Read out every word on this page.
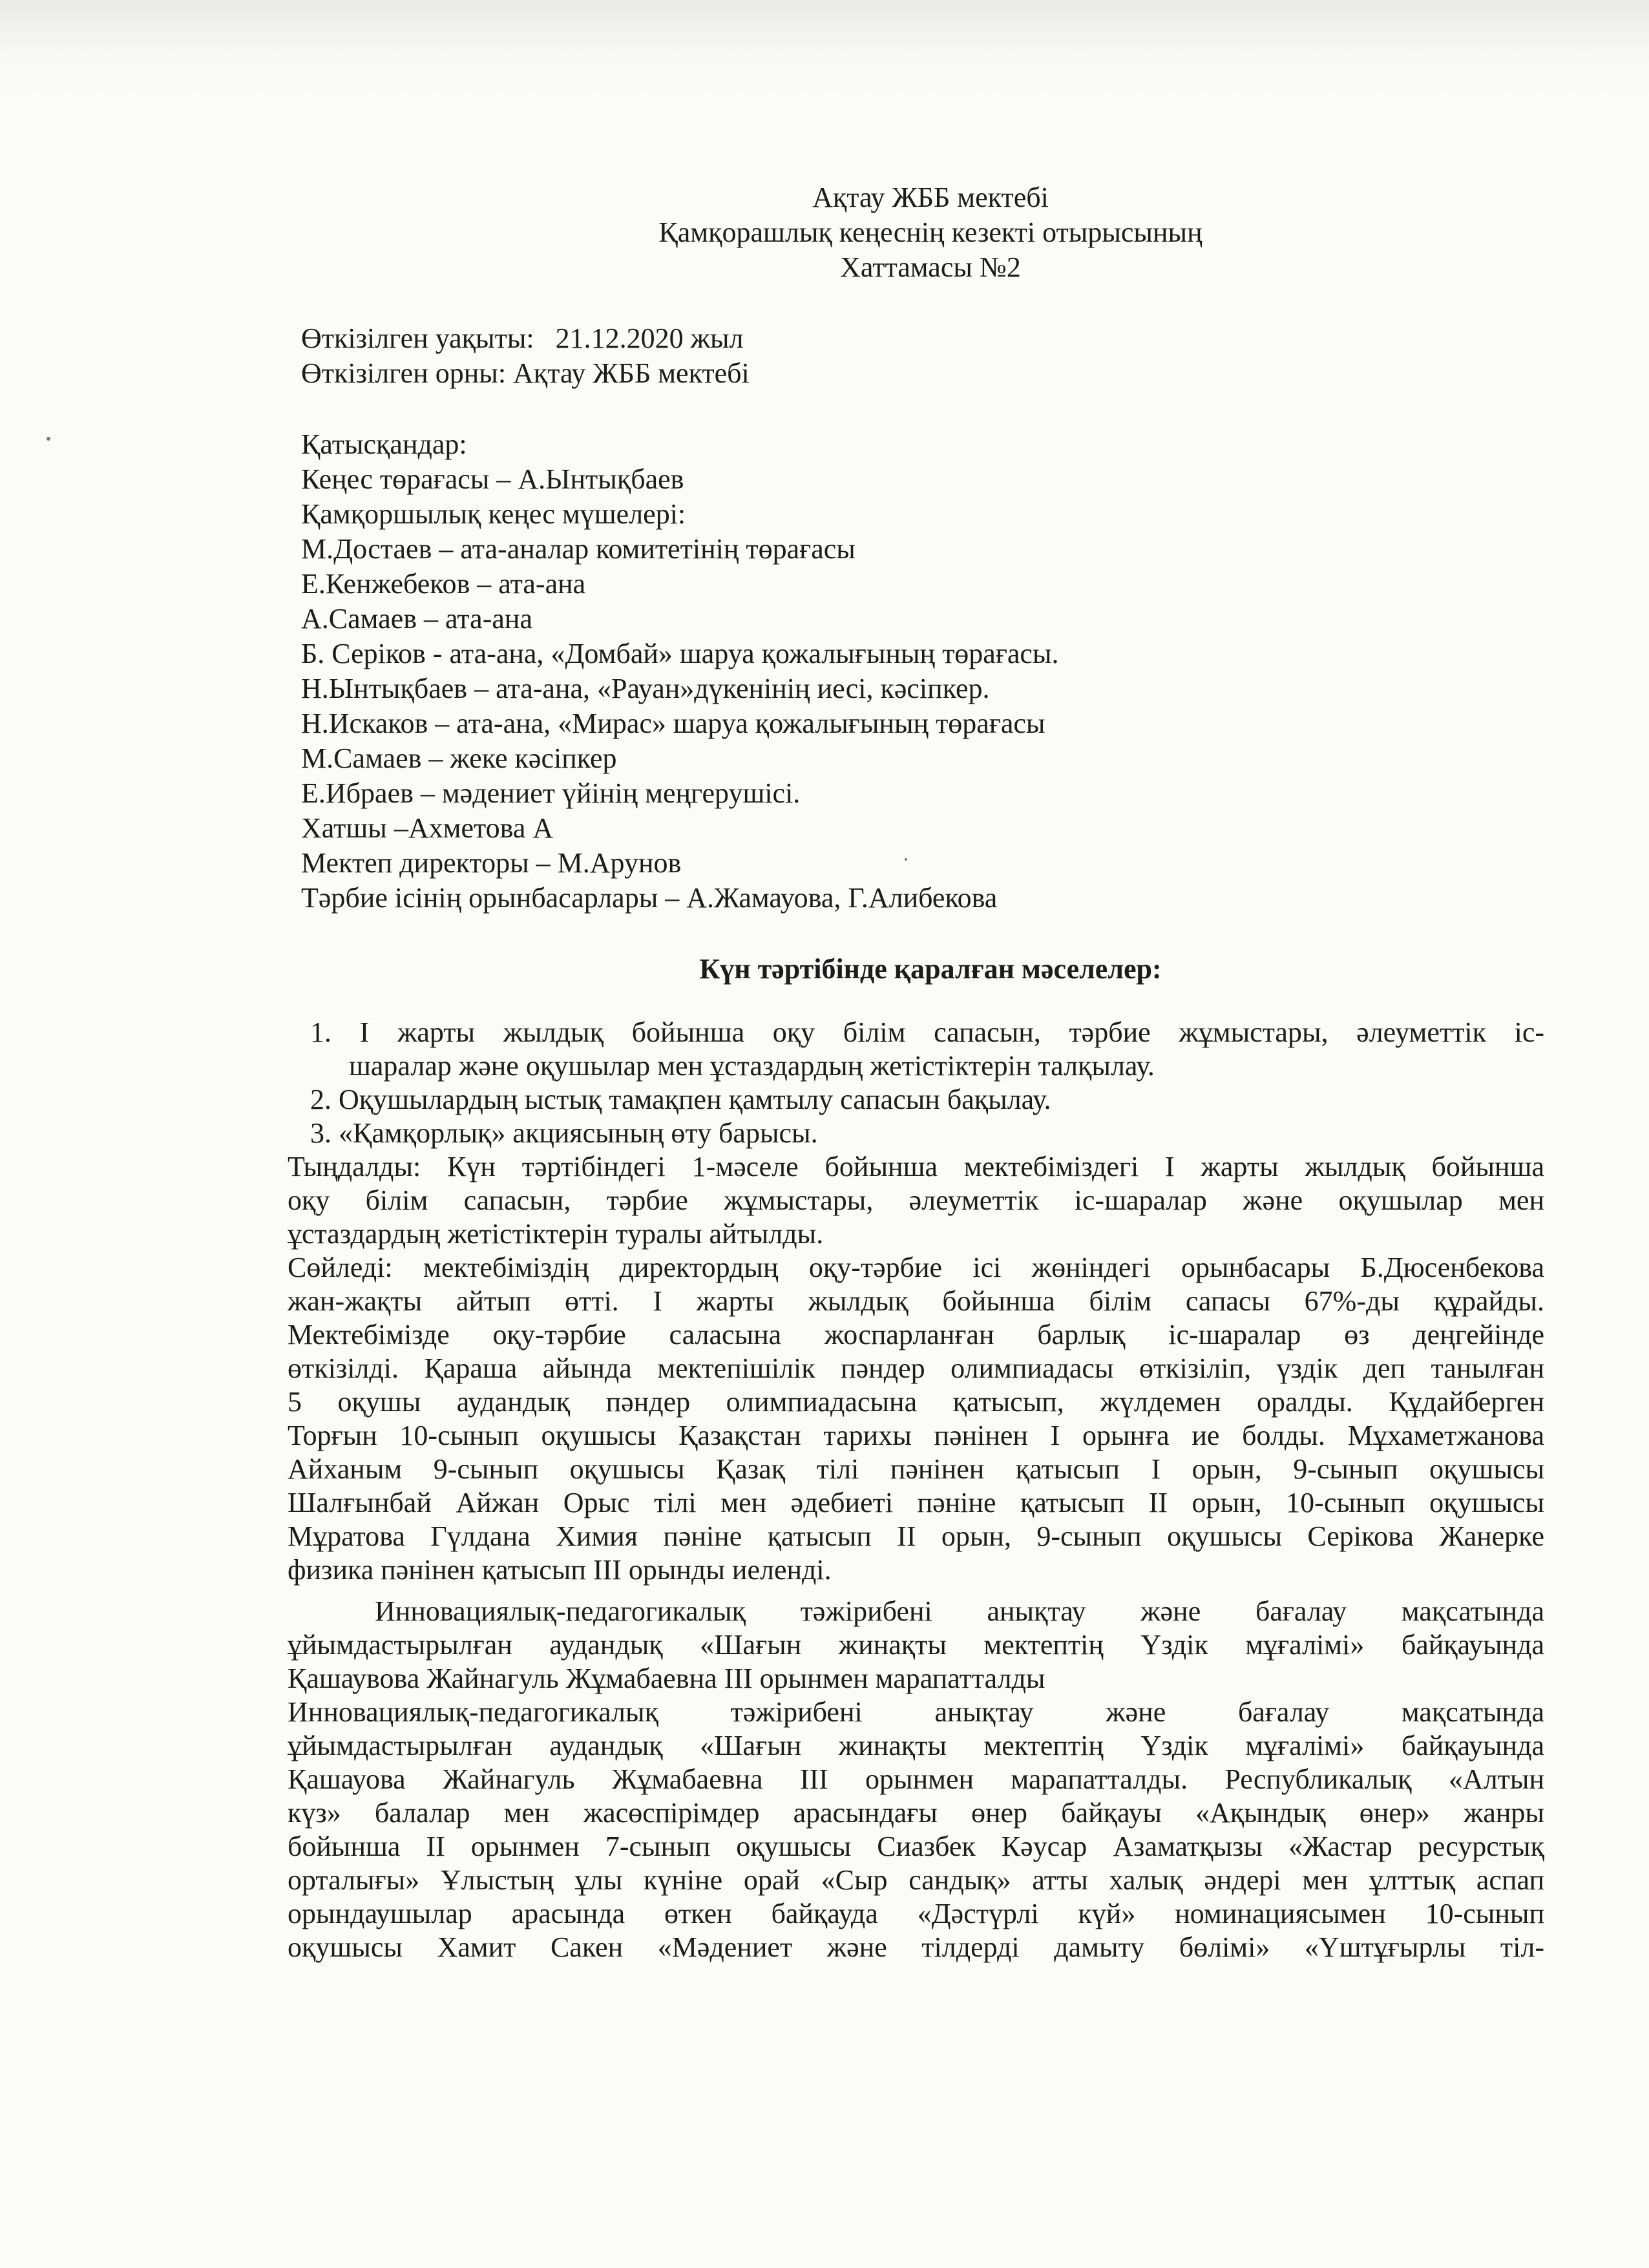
Ақтау ЖББ мектебі
Қамқорашлық кеңеснің кезекті отырысының
Хаттамасы №2
Өткізілген уақыты: 21.12.2020 жыл
Өткізілген орны: Ақтау ЖББ мектебі
Қатысқандар:
Кеңес төрағасы – А.Ынтықбаев
Қамқоршылық кеңес мүшелері:
М.Достаев – ата-аналар комитетінің төрағасы
Е.Кенжебеков – ата-ана
А.Самаев – ата-ана
Б. Серіков - ата-ана, «Домбай» шаруа қожалығының төрағасы.
Н.Ынтықбаев – ата-ана, «Рауан»дүкенінің иесі, кәсіпкер.
Н.Искаков – ата-ана, «Мирас» шаруа қожалығының төрағасы
М.Самаев – жеке кәсіпкер
Е.Ибраев – мәдениет үйінің меңгерушісі.
Хатшы –Ахметова А
Мектеп директоры – М.Арунов
Тәрбие ісінің орынбасарлары – А.Жамауова, Г.Алибекова
Күн тәртібінде қаралған мәселелер:
1. І жарты жылдық бойынша оқу білім сапасын, тәрбие жұмыстары, әлеуметтік іс-
шаралар және оқушылар мен ұстаздардың жетістіктерін талқылау.
2. Оқушылардың ыстық тамақпен қамтылу сапасын бақылау.
3. «Қамқорлық» акциясының өту барысы.
Тыңдалды: Күн тәртібіндегі 1-мәселе бойынша мектебіміздегі І жарты жылдық бойынша
оқу білім сапасын, тәрбие жұмыстары, әлеуметтік іс-шаралар және оқушылар мен
ұстаздардың жетістіктерін туралы айтылды.
Сөйледі: мектебіміздің директордың оқу-тәрбие ісі жөніндегі орынбасары Б.Дюсенбекова
жан-жақты айтып өтті. І жарты жылдық бойынша білім сапасы 67%-ды құрайды.
Мектебімізде оқу-тәрбие саласына жоспарланған барлық іс-шаралар өз деңгейінде
өткізілді. Қараша айында мектепішілік пәндер олимпиадасы өткізіліп, үздік деп танылған
5 оқушы аудандық пәндер олимпиадасына қатысып, жүлдемен оралды. Құдайберген
Торғын 10-сынып оқушысы Қазақстан тарихы пәнінен І орынға ие болды. Мұхаметжанова
Айханым 9-сынып оқушысы Қазақ тілі пәнінен қатысып І орын, 9-сынып оқушысы
Шалғынбай Айжан Орыс тілі мен әдебиеті пәніне қатысып ІІ орын, 10-сынып оқушысы
Мұратова Гүлдана Химия пәніне қатысып ІІ орын, 9-сынып оқушысы Серікова Жанерке
физика пәнінен қатысып ІІІ орынды иеленді.
Инновациялық-педагогикалық тәжірибені анықтау және бағалау мақсатында
ұйымдастырылған аудандық «Шағын жинақты мектептің Үздік мұғалімі» байқауында
Қашаувова Жайнагуль Жұмабаевна ІІІ орынмен марапатталды
Инновациялық-педагогикалық тәжірибені анықтау және бағалау мақсатында
ұйымдастырылған аудандық «Шағын жинақты мектептің Үздік мұғалімі» байқауында
Қашауова Жайнагуль Жұмабаевна ІІІ орынмен марапатталды. Республикалық «Алтын
күз» балалар мен жасөспірімдер арасындағы өнер байқауы «Ақындық өнер» жанры
бойынша ІІ орынмен 7-сынып оқушысы Сиазбек Кәусар Азаматқызы «Жастар ресурстық
орталығы» Ұлыстың ұлы күніне орай «Сыр сандық» атты халық әндері мен ұлттық аспап
орындаушылар арасында өткен байқауда «Дәстүрлі күй» номинациясымен 10-сынып
оқушысы Хамит Сакен «Мәдениет және тілдерді дамыту бөлімі» «Үштұғырлы тіл-
